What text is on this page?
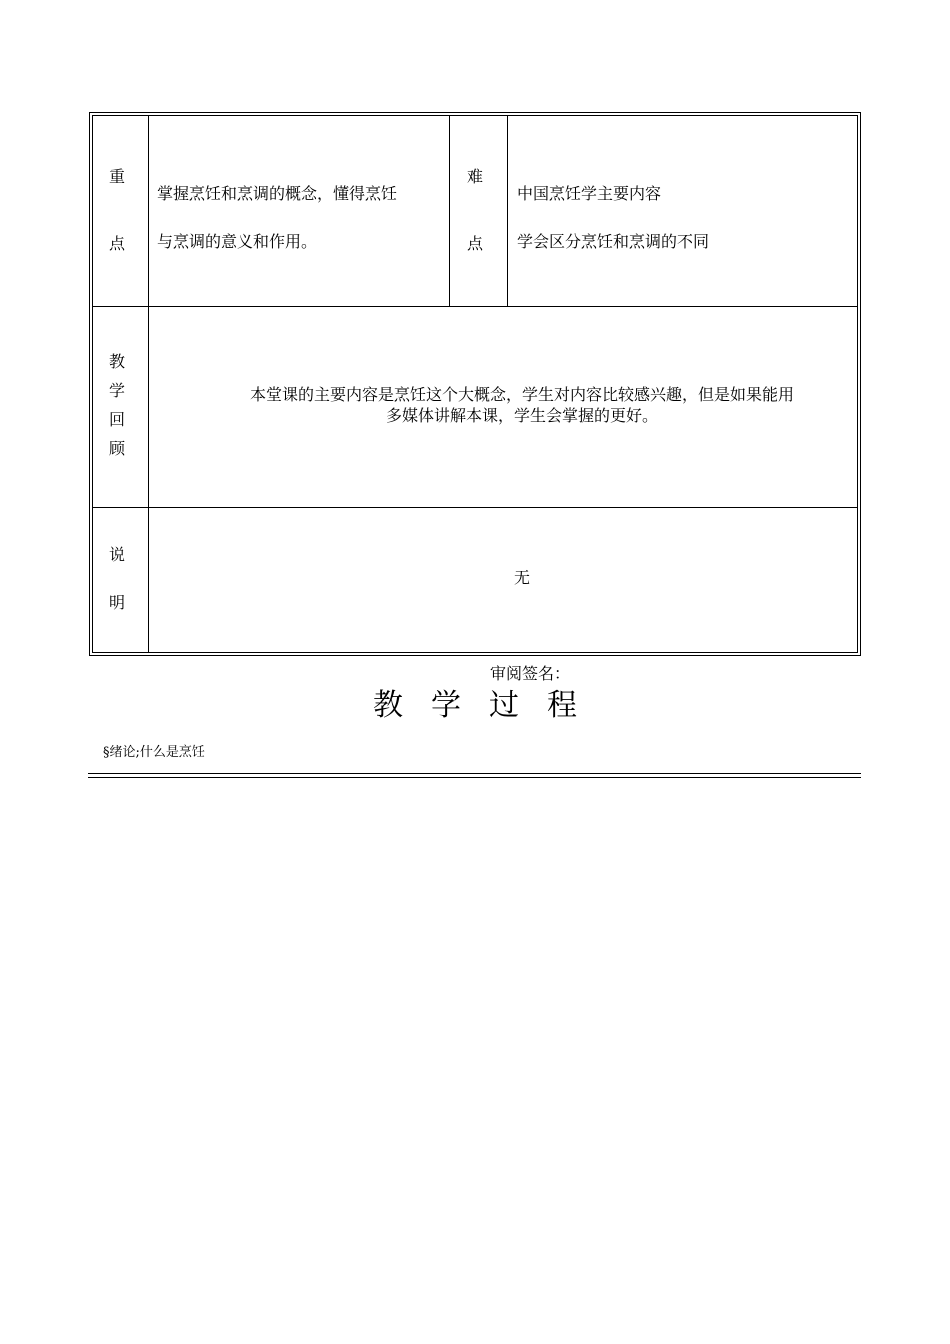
重
点
掌握烹饪和烹调的概念，懂得烹饪
与烹调的意义和作用。
难
点
中国烹饪学主要内容
学会区分烹饪和烹调的不同
教
学
回
顾
本堂课的主要内容是烹饪这个大概念，学生对内容比较感兴趣，但是如果能用
多媒体讲解本课，学生会掌握的更好。
说
明
无
审阅签名：
教 学 过 程
§绪论;什么是烹饪
